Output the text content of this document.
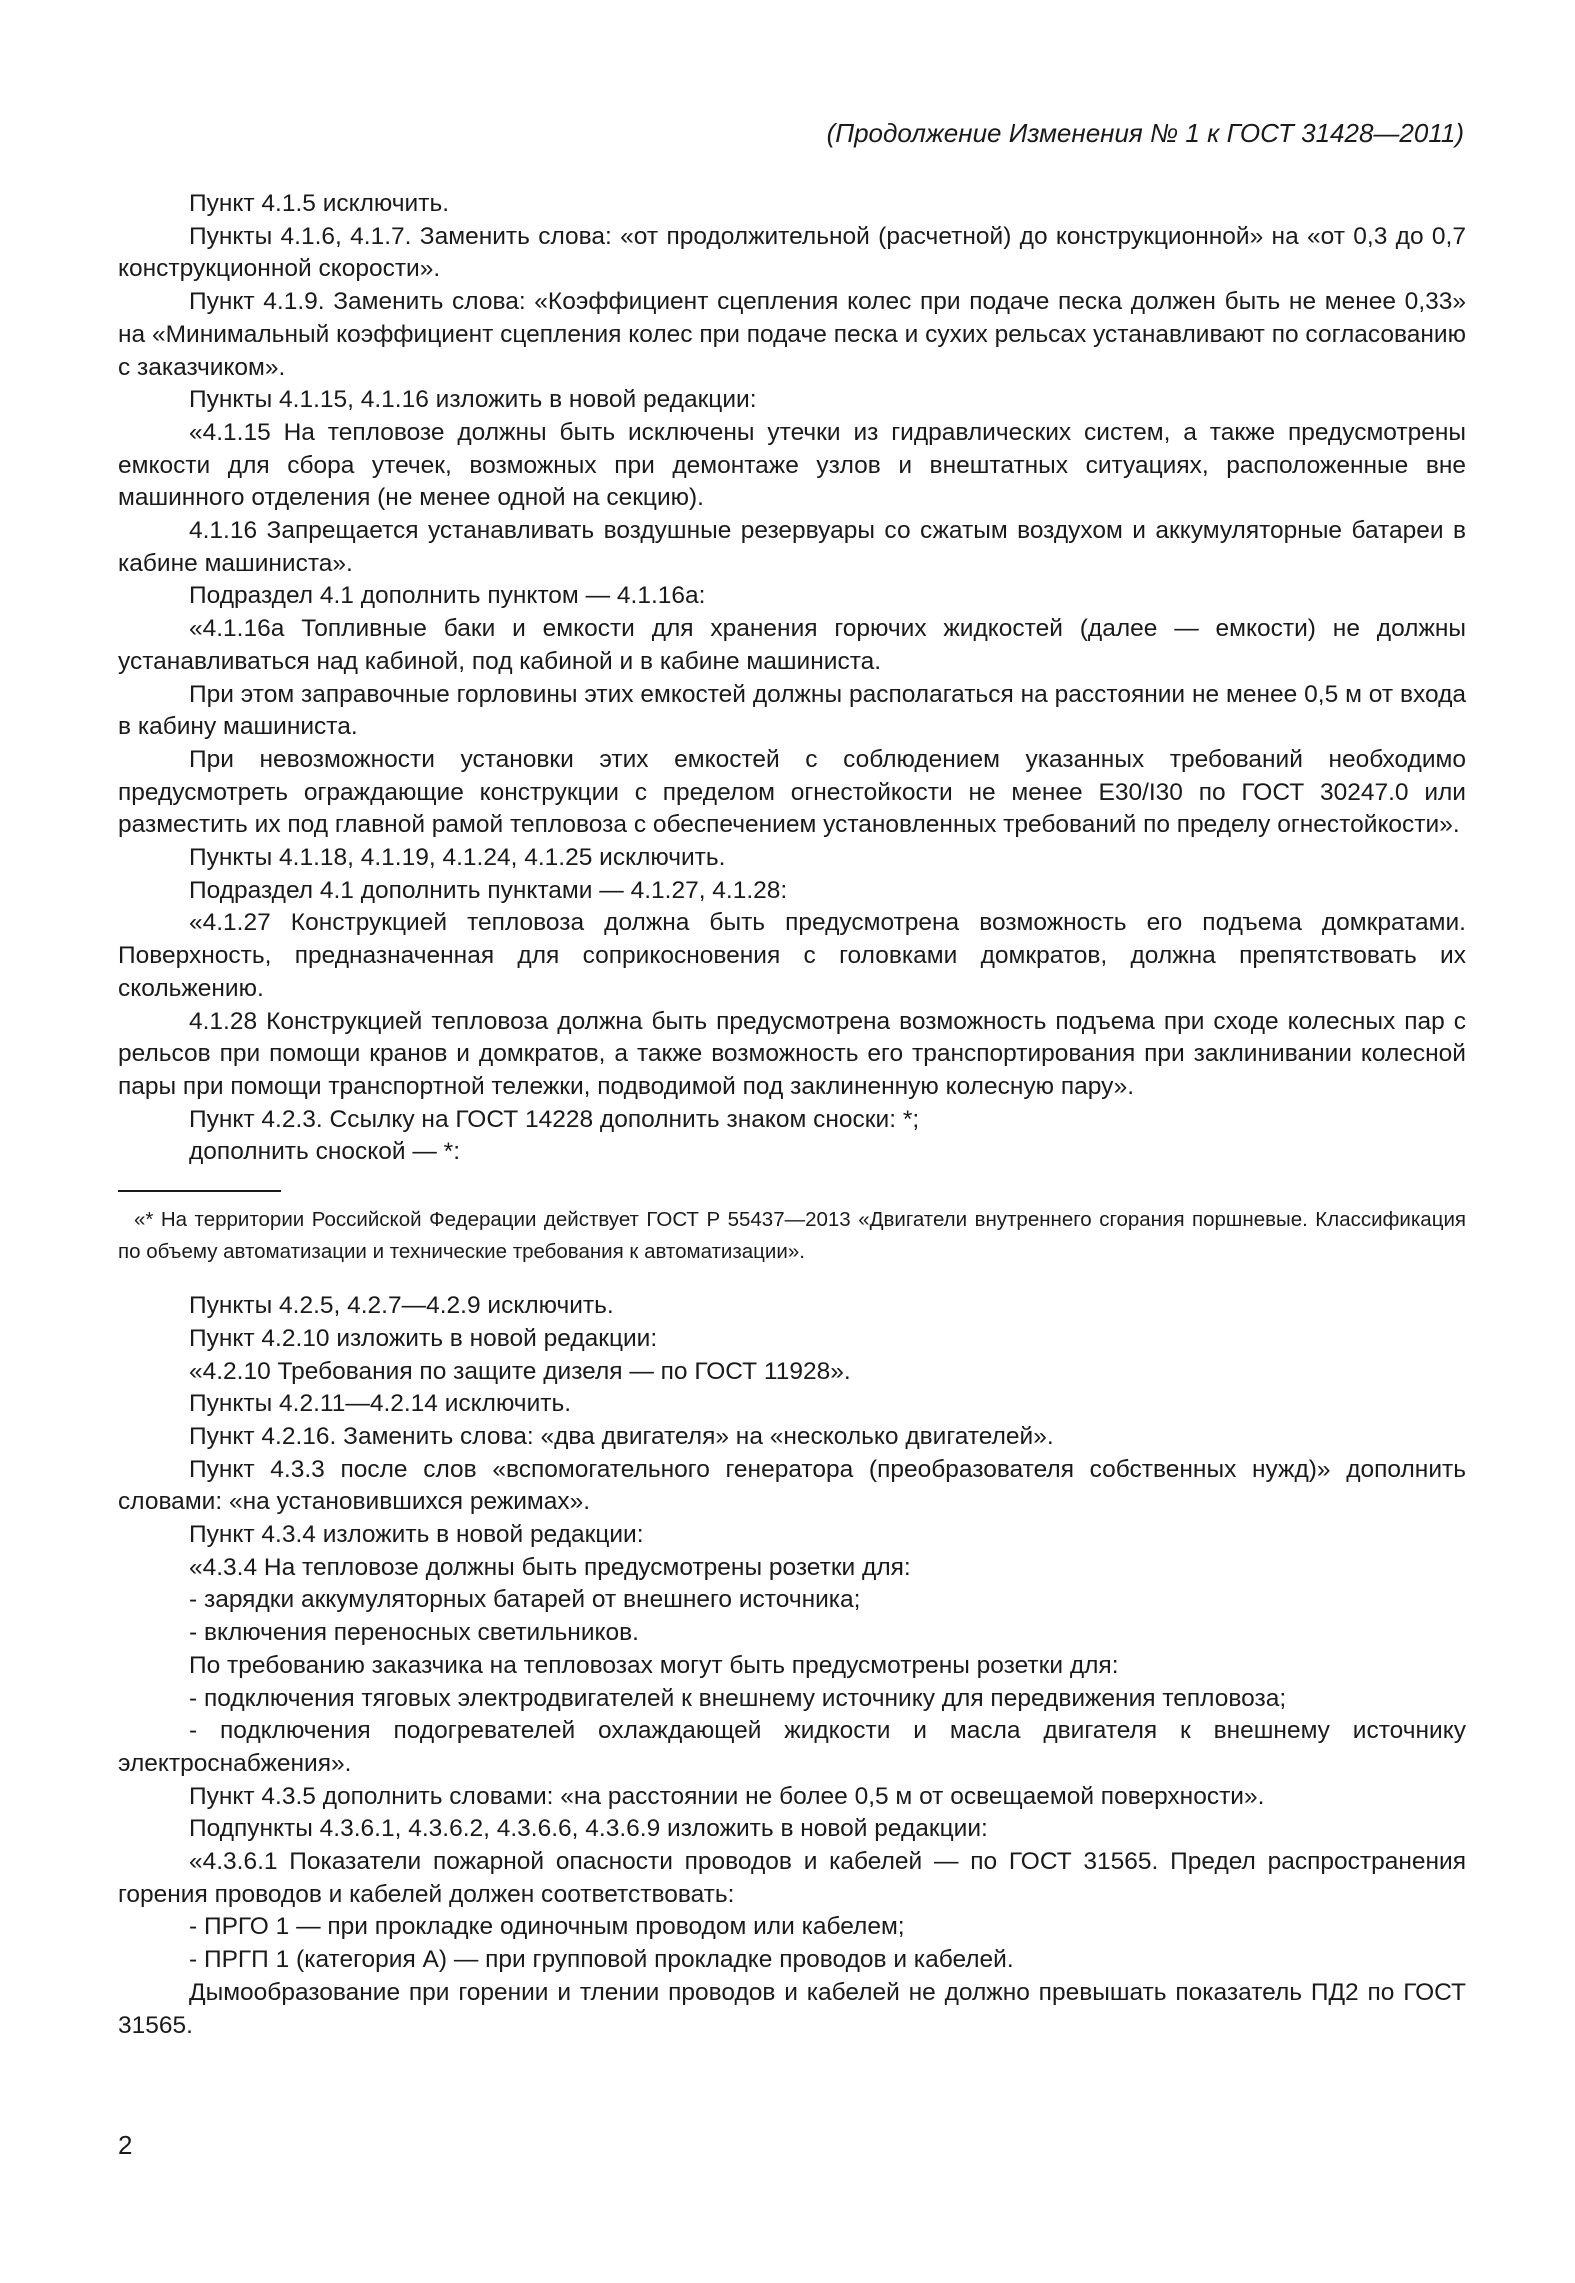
(Продолжение Изменения № 1 к ГОСТ 31428—2011)

Пункт 4.1.5 исключить.

Пункты 4.1.6, 4.1.7. Заменить слова: «от продолжительной (расчетной) до конструкционной» на «от 0,3 до 0,7 конструкционной скорости».

Пункт 4.1.9. Заменить слова: «Коэффициент сцепления колес при подаче песка должен быть не менее 0,33» на «Минимальный коэффициент сцепления колес при подаче песка и сухих рельсах устанавливают по согласованию с заказчиком».

Пункты 4.1.15, 4.1.16 изложить в новой редакции:

«4.1.15 На тепловозе должны быть исключены утечки из гидравлических систем, а также предусмотрены емкости для сбора утечек, возможных при демонтаже узлов и внештатных ситуациях, расположенные вне машинного отделения (не менее одной на секцию).

4.1.16 Запрещается устанавливать воздушные резервуары со сжатым воздухом и аккумуляторные батареи в кабине машиниста».

Подраздел 4.1 дополнить пунктом — 4.1.16а:

«4.1.16а Топливные баки и емкости для хранения горючих жидкостей (далее — емкости) не должны устанавливаться над кабиной, под кабиной и в кабине машиниста.

При этом заправочные горловины этих емкостей должны располагаться на расстоянии не менее 0,5 м от входа в кабину машиниста.

При невозможности установки этих емкостей с соблюдением указанных требований необходимо предусмотреть ограждающие конструкции с пределом огнестойкости не менее E30/I30 по ГОСТ 30247.0 или разместить их под главной рамой тепловоза с обеспечением установленных требований по пределу огнестойкости».

Пункты 4.1.18, 4.1.19, 4.1.24, 4.1.25 исключить.

Подраздел 4.1 дополнить пунктами — 4.1.27, 4.1.28:

«4.1.27 Конструкцией тепловоза должна быть предусмотрена возможность его подъема домкратами. Поверхность, предназначенная для соприкосновения с головками домкратов, должна препятствовать их скольжению.

4.1.28 Конструкцией тепловоза должна быть предусмотрена возможность подъема при сходе колесных пар с рельсов при помощи кранов и домкратов, а также возможность его транспортирования при заклинивании колесной пары при помощи транспортной тележки, подводимой под заклиненную колесную пару».

Пункт 4.2.3. Ссылку на ГОСТ 14228 дополнить знаком сноски: *;

дополнить сноской — *:

«* На территории Российской Федерации действует ГОСТ Р 55437—2013 «Двигатели внутреннего сгорания поршневые. Классификация по объему автоматизации и технические требования к автоматизации».

Пункты 4.2.5, 4.2.7—4.2.9 исключить.

Пункт 4.2.10 изложить в новой редакции:

«4.2.10 Требования по защите дизеля — по ГОСТ 11928».

Пункты 4.2.11—4.2.14 исключить.

Пункт 4.2.16. Заменить слова: «два двигателя» на «несколько двигателей».

Пункт 4.3.3 после слов «вспомогательного генератора (преобразователя собственных нужд)» дополнить словами: «на установившихся режимах».

Пункт 4.3.4 изложить в новой редакции:

«4.3.4 На тепловозе должны быть предусмотрены розетки для:

- зарядки аккумуляторных батарей от внешнего источника;

- включения переносных светильников.

По требованию заказчика на тепловозах могут быть предусмотрены розетки для:

- подключения тяговых электродвигателей к внешнему источнику для передвижения тепловоза;

- подключения подогревателей охлаждающей жидкости и масла двигателя к внешнему источнику электроснабжения».

Пункт 4.3.5 дополнить словами: «на расстоянии не более 0,5 м от освещаемой поверхности».

Подпункты 4.3.6.1, 4.3.6.2, 4.3.6.6, 4.3.6.9 изложить в новой редакции:

«4.3.6.1 Показатели пожарной опасности проводов и кабелей — по ГОСТ 31565. Предел распространения горения проводов и кабелей должен соответствовать:

- ПРГО 1 — при прокладке одиночным проводом или кабелем;

- ПРГП 1 (категория А) — при групповой прокладке проводов и кабелей.

Дымообразование при горении и тлении проводов и кабелей не должно превышать показатель ПД2 по ГОСТ 31565.

2
